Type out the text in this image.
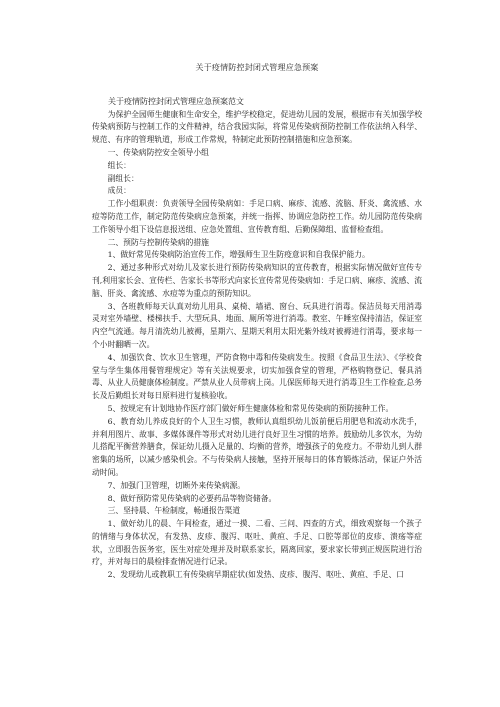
关于疫情防控封闭式管理应急预案
关于疫情防控封闭式管理应急预案范文

为保护全园师生健康和生命安全，维护学校稳定，促进幼儿园的发展，根据市有关加强学校传染病预防与控制工作的文件精神，结合我园实际，将常见传染病预防控制工作依法纳入科学、规范、有序的管理轨道，形成工作常规，特制定此预防控制措施和应急预案。

一、传染病防控安全领导小组

组长：

副组长：

成员：

工作小组职责：负责领导全园传染病如：手足口病、麻疹、流感、流脑、肝炎、禽流感、水痘等防范工作，制定防范传染病应急预案，并统一指挥、协调应急防控工作。幼儿园防范传染病工作领导小组下设信息报送组、应急处置组、宣传教育组、后勤保障组、监督检查组。

二、预防与控制传染病的措施

1、做好常见传染病防治宣传工作，增强师生卫生防疫意识和自我保护能力。

2、通过多种形式对幼儿及家长进行预防传染病知识的宣传教育，根据实际情况做好宣传专刊,利用家长会、宣传栏、告家长书等形式向家长宣传常见传染病如：手足口病、麻疹、流感、流脑、肝炎、禽流感、水痘等为重点的预防知识。

3、各班教师每天认真对幼儿用具、桌椅、墙裙、窗台、玩具进行消毒。保洁员每天用消毒灵对室外墙壁、楼梯扶手、大型玩具、地面、厕所等进行消毒。教室、午睡室保持清洁，保证室内空气流通。每月清洗幼儿被褥，星期六、星期天利用太阳光紫外线对被褥进行消毒，要求每一个小时翻晒一次。

4、加强饮食、饮水卫生管理，严防食物中毒和传染病发生。按照《食品卫生法》、《学校食堂与学生集体用餐管理规定》等有关法规要求，切实加强食堂的管理，严格购物登记、餐具消毒、从业人员健康体检制度。严禁从业人员带病上岗。儿保医师每天进行消毒卫生工作检查,总务长及后勤组长对每日原料进行复核验收。

5、按规定有计划地协作医疗部门做好师生健康体检和常见传染病的预防接种工作。

6、教育幼儿养成良好的个人卫生习惯，教师认真组织幼儿饭前便后用肥皂和流动水洗手，并利用图片、故事、多媒体课件等形式对幼儿进行良好卫生习惯的培养。鼓励幼儿多饮水，为幼儿搭配平衡营养膳食，保证幼儿摄入足量的、均衡的营养，增强孩子的免疫力。不带幼儿到人群密集的场所，以减少感染机会。不与传染病人接触，坚持开展每日的体育锻炼活动，保证户外活动时间。

7、加强门卫管理，切断外来传染病源。

8、做好预防常见传染病的必要药品等物资储备。

三、坚持晨、午检制度，畅通报告渠道

1、做好幼儿的晨、午间检查，通过一摸、二看、三问、四查的方式，细致观察每一个孩子的情绪与身体状况，有发热、皮疹、腹泻、呕吐、黄疸、手足、口腔等部位的皮疹、溃疡等症状，立即报告医务室，医生对症处理并及时联系家长，隔离回家，要求家长带到正规医院进行治疗，并对每日的晨检排查情况进行记录。

2、发现幼儿或教职工有传染病早期症状(如发热、皮疹、腹泻、呕吐、黄疸、手足、口
